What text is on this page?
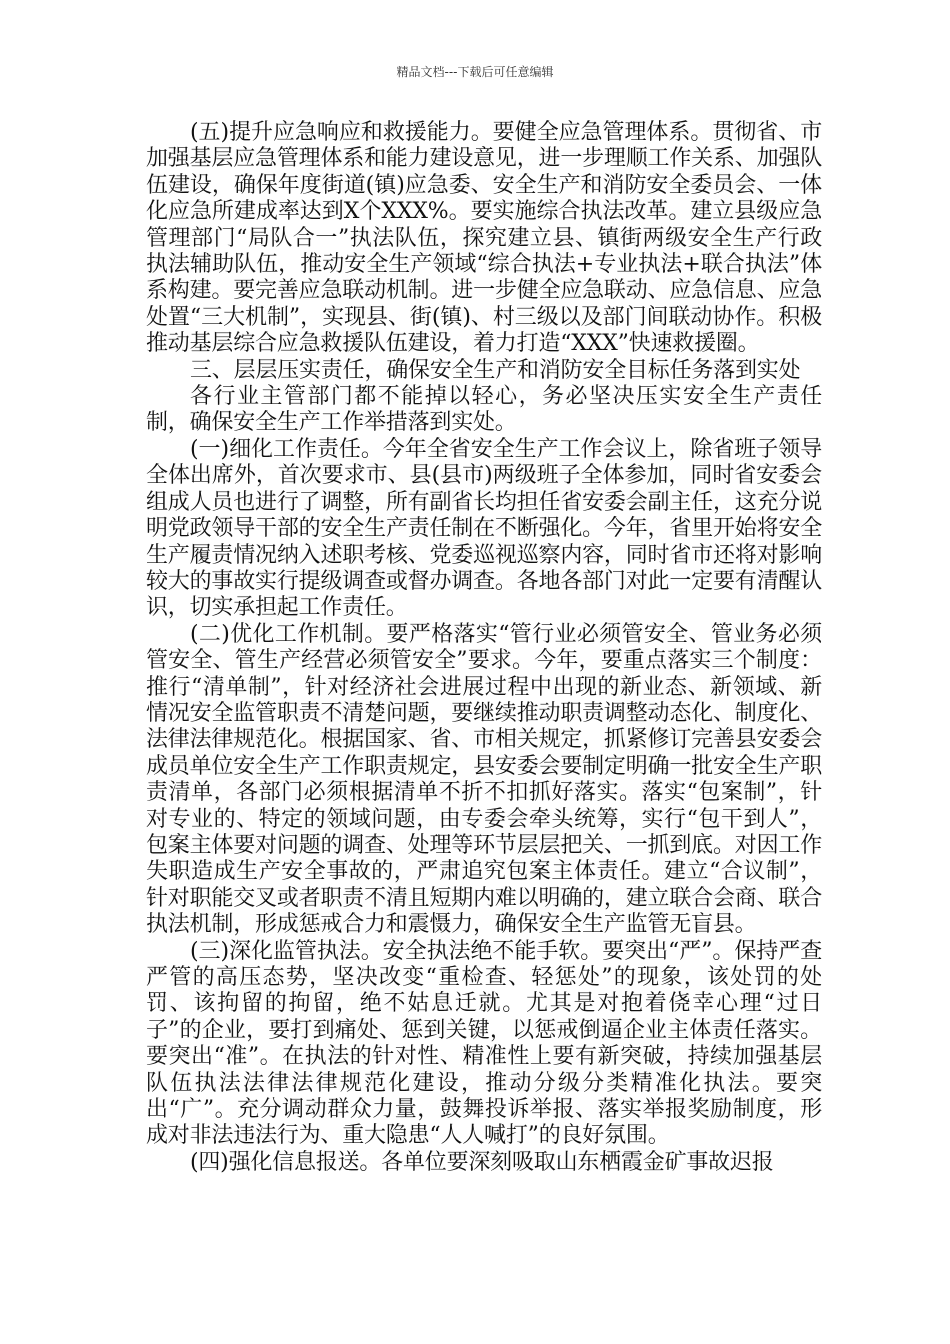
精品文档---下载后可任意编辑

(五)提升应急响应和救援能力。要健全应急管理体系。贯彻省、市加强基层应急管理体系和能力建设意见，进一步理顺工作关系、加强队伍建设，确保年度街道(镇)应急委、安全生产和消防安全委员会、一体化应急所建成率达到X个XXX%。要实施综合执法改革。建立县级应急管理部门“局队合一”执法队伍，探究建立县、镇街两级安全生产行政执法辅助队伍，推动安全生产领域“综合执法+专业执法+联合执法”体系构建。要完善应急联动机制。进一步健全应急联动、应急信息、应急处置“三大机制”，实现县、街(镇)、村三级以及部门间联动协作。积极推动基层综合应急救援队伍建设，着力打造“XXX”快速救援圈。

三、层层压实责任，确保安全生产和消防安全目标任务落到实处

各行业主管部门都不能掉以轻心，务必坚决压实安全生产责任制，确保安全生产工作举措落到实处。

(一)细化工作责任。今年全省安全生产工作会议上，除省班子领导全体出席外，首次要求市、县(县市)两级班子全体参加，同时省安委会组成人员也进行了调整，所有副省长均担任省安委会副主任，这充分说明党政领导干部的安全生产责任制在不断强化。今年，省里开始将安全生产履责情况纳入述职考核、党委巡视巡察内容，同时省市还将对影响较大的事故实行提级调查或督办调查。各地各部门对此一定要有清醒认识，切实承担起工作责任。

(二)优化工作机制。要严格落实“管行业必须管安全、管业务必须管安全、管生产经营必须管安全”要求。今年，要重点落实三个制度：推行“清单制”，针对经济社会进展过程中出现的新业态、新领域、新情况安全监管职责不清楚问题，要继续推动职责调整动态化、制度化、法律法律规范化。根据国家、省、市相关规定，抓紧修订完善县安委会成员单位安全生产工作职责规定，县安委会要制定明确一批安全生产职责清单，各部门必须根据清单不折不扣抓好落实。落实“包案制”，针对专业的、特定的领域问题，由专委会牵头统筹，实行“包干到人”，包案主体要对问题的调查、处理等环节层层把关、一抓到底。对因工作失职造成生产安全事故的，严肃追究包案主体责任。建立“合议制”，针对职能交叉或者职责不清且短期内难以明确的，建立联合会商、联合执法机制，形成惩戒合力和震慑力，确保安全生产监管无盲县。

(三)深化监管执法。安全执法绝不能手软。要突出“严”。保持严查严管的高压态势，坚决改变“重检查、轻惩处”的现象，该处罚的处罚、该拘留的拘留，绝不姑息迁就。尤其是对抱着侥幸心理“过日子”的企业，要打到痛处、惩到关键，以惩戒倒逼企业主体责任落实。要突出“准”。在执法的针对性、精准性上要有新突破，持续加强基层队伍执法法律法律规范化建设，推动分级分类精准化执法。要突出“广”。充分调动群众力量，鼓舞投诉举报、落实举报奖励制度，形成对非法违法行为、重大隐患“人人喊打”的良好氛围。

(四)强化信息报送。各单位要深刻吸取山东栖霞金矿事故迟报
